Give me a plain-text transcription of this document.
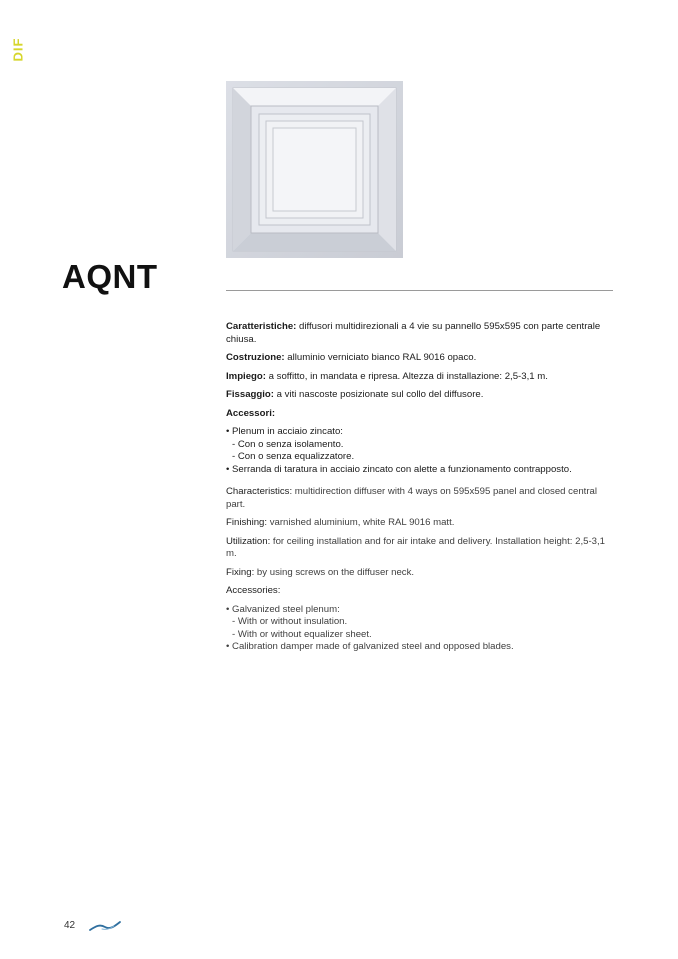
DIF
AQNT

Caratteristiche: diffusori multidirezionali a 4 vie su pannello 595x595 con parte centrale chiusa.

Costruzione: alluminio verniciato bianco RAL 9016 opaco.

Impiego: a soffitto, in mandata e ripresa. Altezza di installazione: 2,5-3,1 m.

Fissaggio: a viti nascoste posizionate sul collo del diffusore.

Accessori:

• Plenum in acciaio zincato:
- Con o senza isolamento.
- Con o senza equalizzatore.
• Serranda di taratura in acciaio zincato con alette a funzionamento contrapposto.

Characteristics: multidirection diffuser with 4 ways on 595x595 panel and closed central part.

Finishing: varnished aluminium, white RAL 9016 matt.

Utilization: for ceiling installation and for air intake and delivery. Installation height: 2,5-3,1 m.

Fixing: by using screws on the diffuser neck.

Accessories:

• Galvanized steel plenum:
- With or without insulation.
- With or without equalizer sheet.
• Calibration damper made of galvanized steel and opposed blades.
42
